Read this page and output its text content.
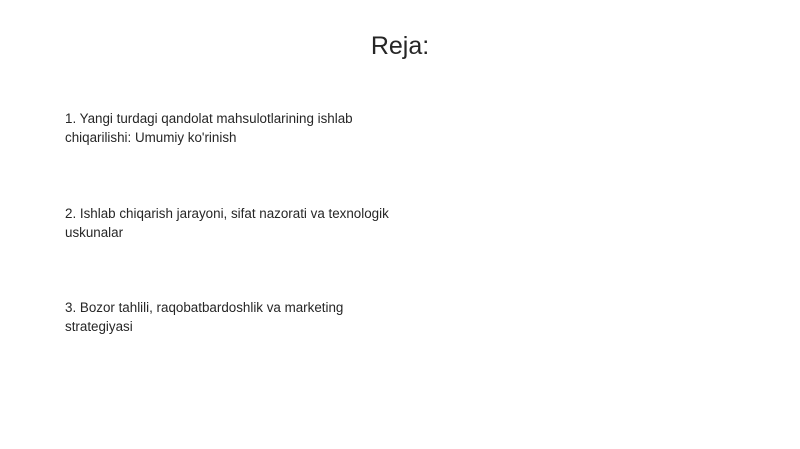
Reja:
1. Yangi turdagi qandolat mahsulotlarining ishlab chiqarilishi: Umumiy ko'rinish
2. Ishlab chiqarish jarayoni, sifat nazorati va texnologik uskunalar
3. Bozor tahlili, raqobatbardoshlik va marketing strategiyasi
